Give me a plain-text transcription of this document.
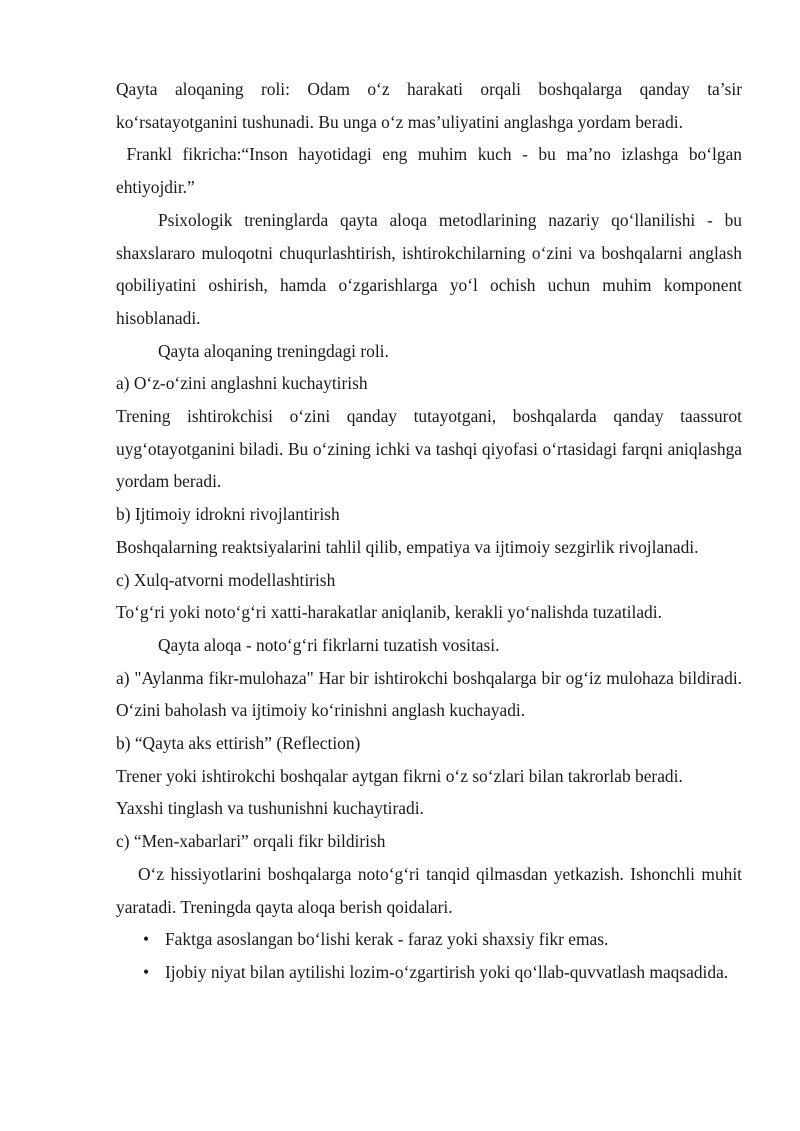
Qayta aloqaning roli: Odam o‘z harakati orqali boshqalarga qanday ta’sir ko‘rsatayotganini tushunadi. Bu unga o‘z mas’uliyatini anglashga yordam beradi.

Frankl fikricha:“Inson hayotidagi eng muhim kuch - bu ma’no izlashga bo‘lgan ehtiyojdir.”

Psixologik treninglarda qayta aloqa metodlarining nazariy qo‘llanilishi - bu shaxslararo muloqotni chuqurlashtirish, ishtirokchilarning o‘zini va boshqalarni anglash qobiliyatini oshirish, hamda o‘zgarishlarga yo‘l ochish uchun muhim komponent hisoblanadi.

Qayta aloqaning treningdagi roli.

a) O‘z-o‘zini anglashni kuchaytirish

Trening ishtirokchisi o‘zini qanday tutayotgani, boshqalarda qanday taassurot uyg‘otayotganini biladi. Bu o‘zining ichki va tashqi qiyofasi o‘rtasidagi farqni aniqlashga yordam beradi.

b) Ijtimoiy idrokni rivojlantirish

Boshqalarning reaktsiyalarini tahlil qilib, empatiya va ijtimoiy sezgirlik rivojlanadi.

c) Xulq-atvorni modellashtirish

To‘g‘ri yoki noto‘g‘ri xatti-harakatlar aniqlanib, kerakli yo‘nalishda tuzatiladi.

Qayta aloqa - noto‘g‘ri fikrlarni tuzatish vositasi.

a) "Aylanma fikr-mulohaza" Har bir ishtirokchi boshqalarga bir og‘iz mulohaza bildiradi. O‘zini baholash va ijtimoiy ko‘rinishni anglash kuchayadi.

b) “Qayta aks ettirish” (Reflection)

Trener yoki ishtirokchi boshqalar aytgan fikrni o‘z so‘zlari bilan takrorlab beradi.

Yaxshi tinglash va tushunishni kuchaytiradi.

c) “Men-xabarlari” orqali fikr bildirish

O‘z hissiyotlarini boshqalarga noto‘g‘ri tanqid qilmasdan yetkazish. Ishonchli muhit yaratadi. Treningda qayta aloqa berish qoidalari.

• Faktga asoslangan bo‘lishi kerak - faraz yoki shaxsiy fikr emas.
• Ijobiy niyat bilan aytilishi lozim-o‘zgartirish yoki qo‘llab-quvvatlash maqsadida.
